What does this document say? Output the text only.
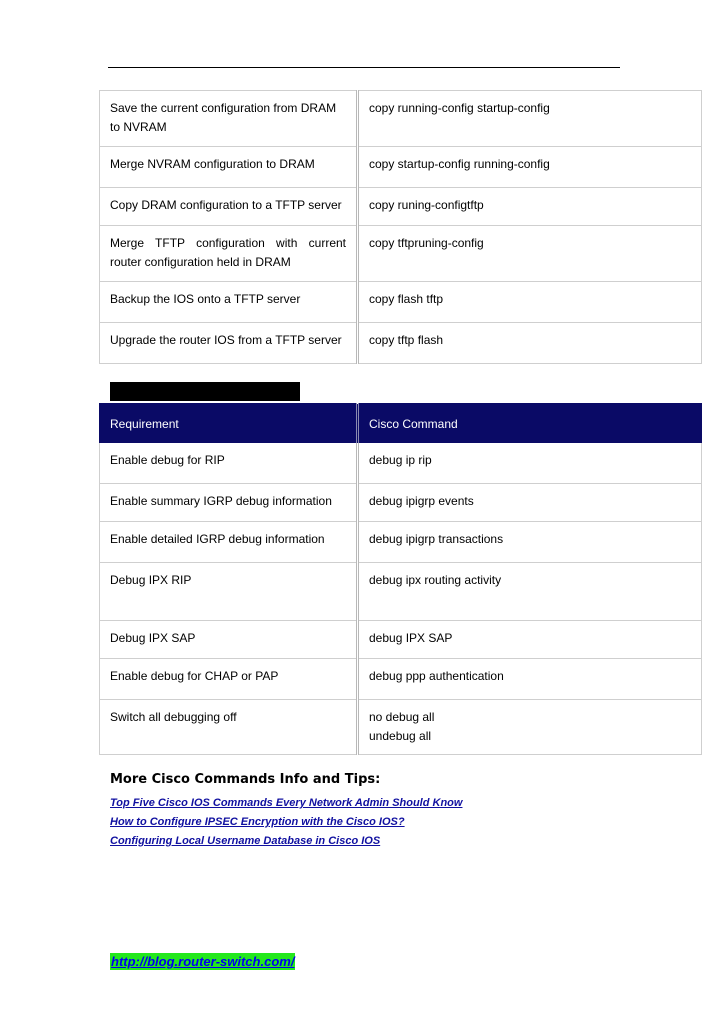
Save the current configuration from DRAM to NVRAM	copy running-config startup-config
Merge NVRAM configuration to DRAM	copy startup-config running-config
Copy DRAM configuration to a TFTP server	copy runing-configtftp
Merge TFTP configuration with current router configuration held in DRAM	copy tftpruning-config
Backup the IOS onto a TFTP server	copy flash tftp
Upgrade the router IOS from a TFTP server	copy tftp flash
Requirement	Cisco Command
Enable debug for RIP	debug ip rip
Enable summary IGRP debug information	debug ipigrp events
Enable detailed IGRP debug information	debug ipigrp transactions
Debug IPX RIP	debug ipx routing activity
Debug IPX SAP	debug IPX SAP
Enable debug for CHAP or PAP	debug ppp authentication
Switch all debugging off	no debug all
undebug all
More Cisco Commands Info and Tips:
Top Five Cisco IOS Commands Every Network Admin Should Know
How to Configure IPSEC Encryption with the Cisco IOS?
Configuring Local Username Database in Cisco IOS
http://blog.router-switch.com/
